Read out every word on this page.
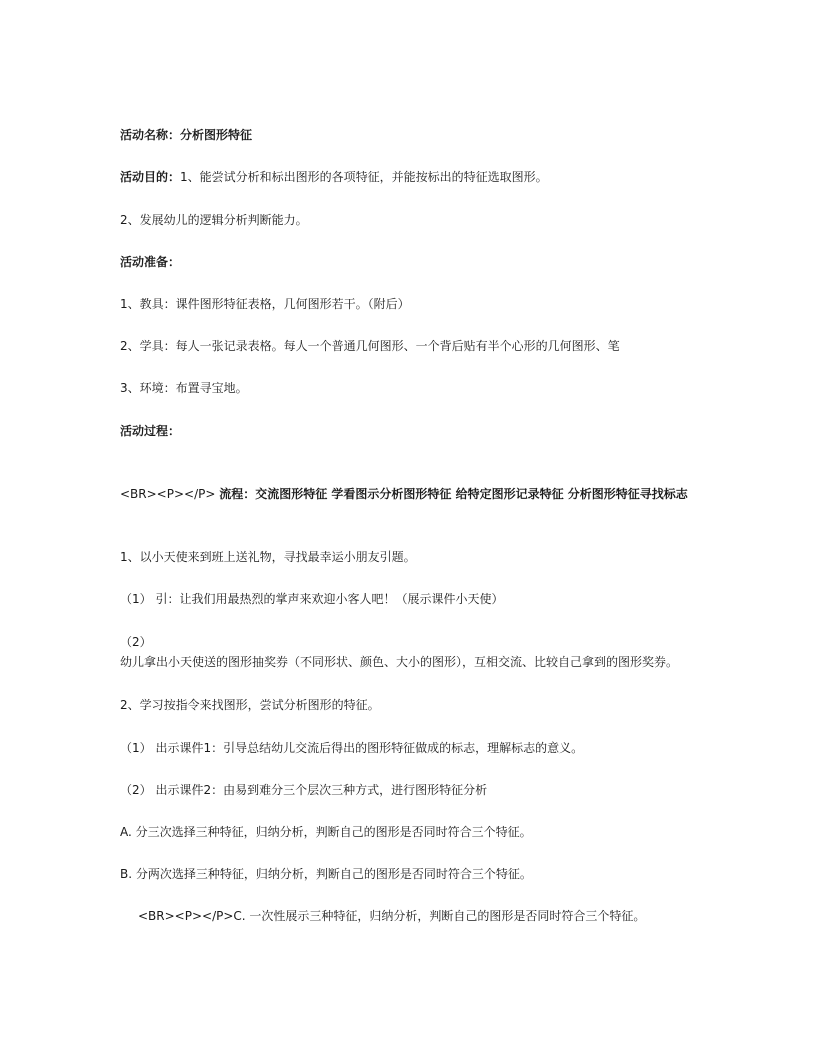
活动名称：分析图形特征
活动目的：1、能尝试分析和标出图形的各项特征，并能按标出的特征选取图形。
2、发展幼儿的逻辑分析判断能力。
活动准备：
1、教具：课件图形特征表格，几何图形若干。（附后）
2、学具：每人一张记录表格。每人一个普通几何图形、一个背后贴有半个心形的几何图形、笔
3、环境：布置寻宝地。
活动过程：
<BR><P></P> 流程：交流图形特征 学看图示分析图形特征 给特定图形记录特征 分析图形特征寻找标志
1、以小天使来到班上送礼物，寻找最幸运小朋友引题。
（1） 引：让我们用最热烈的掌声来欢迎小客人吧！（展示课件小天使）
（2）
幼儿拿出小天使送的图形抽奖券（不同形状、颜色、大小的图形），互相交流、比较自己拿到的图形奖券。
2、学习按指令来找图形，尝试分析图形的特征。
（1） 出示课件1：引导总结幼儿交流后得出的图形特征做成的标志，理解标志的意义。
（2） 出示课件2：由易到难分三个层次三种方式，进行图形特征分析
A. 分三次选择三种特征，归纳分析，判断自己的图形是否同时符合三个特征。
B. 分两次选择三种特征，归纳分析，判断自己的图形是否同时符合三个特征。
<BR><P></P>C. 一次性展示三种特征，归纳分析，判断自己的图形是否同时符合三个特征。
